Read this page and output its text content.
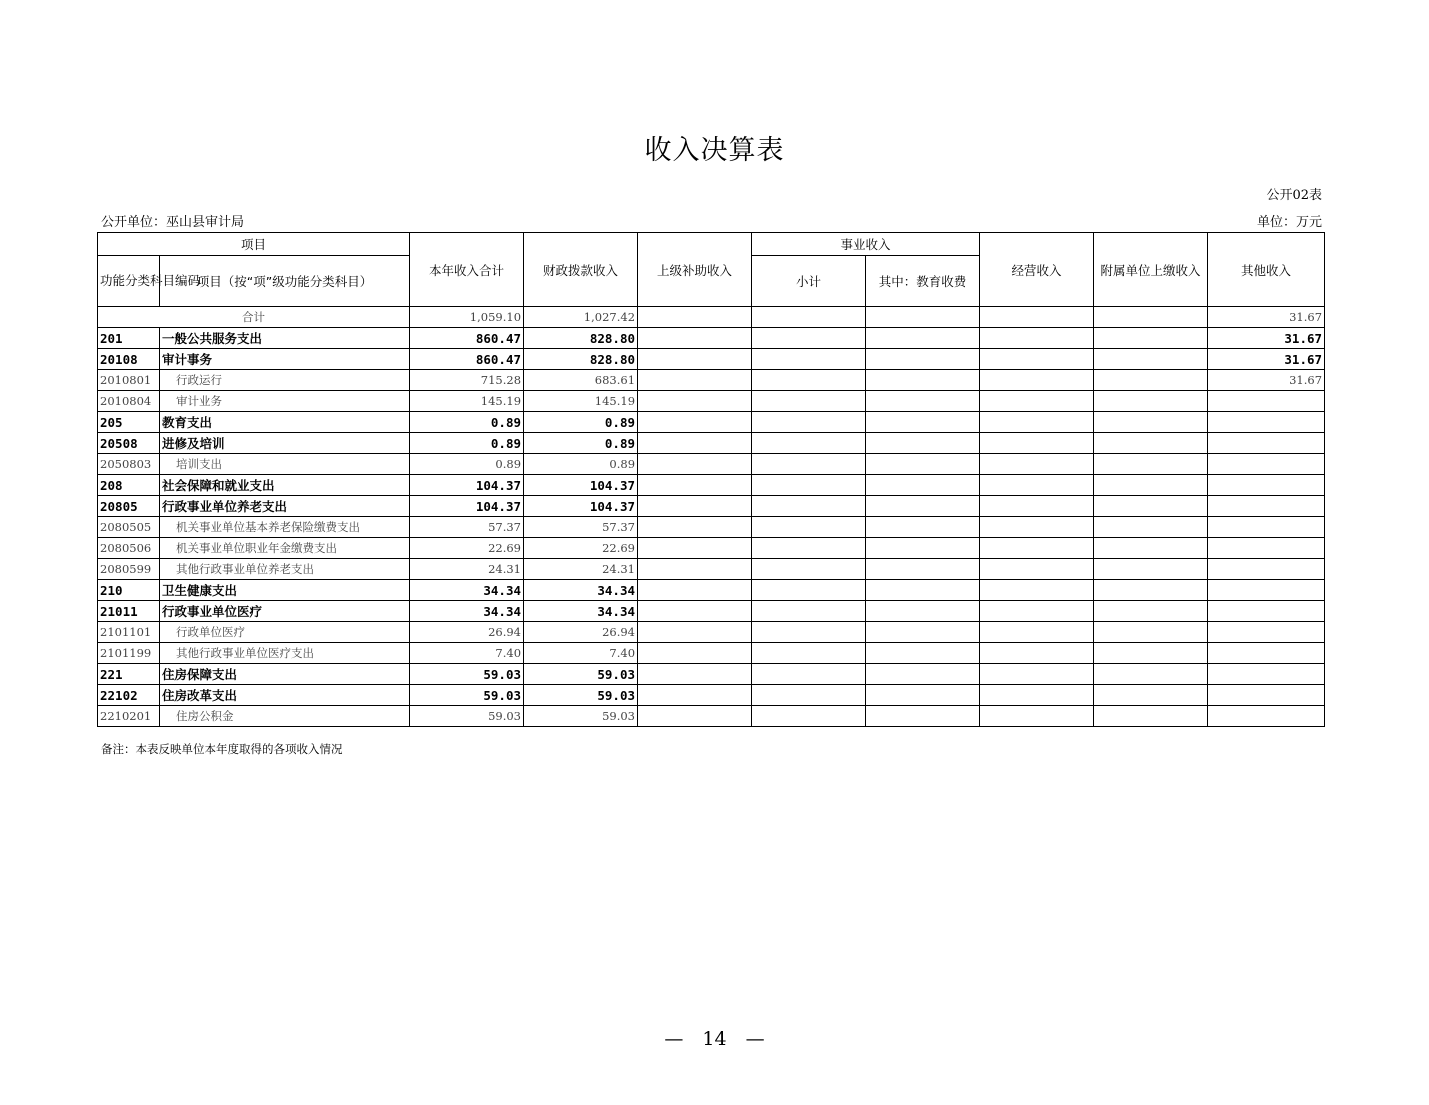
收入决算表
公开02表
公开单位：巫山县审计局	单位：万元
项目		本年收入合计	财政拨款收入	上级补助收入	事业收入		经营收入	附属单位上缴收入	其他收入
功能分类科目编码	项目（按“项”级功能分类科目）				小计	其中：教育收费			
合计		1,059.10	1,027.42						31.67
201	一般公共服务支出	860.47	828.80						31.67
20108	审计事务	860.47	828.80						31.67
2010801	行政运行	715.28	683.61						31.67
2010804	审计业务	145.19	145.19						
205	教育支出	0.89	0.89						
20508	进修及培训	0.89	0.89						
2050803	培训支出	0.89	0.89						
208	社会保障和就业支出	104.37	104.37						
20805	行政事业单位养老支出	104.37	104.37						
2080505	机关事业单位基本养老保险缴费支出	57.37	57.37						
2080506	机关事业单位职业年金缴费支出	22.69	22.69						
2080599	其他行政事业单位养老支出	24.31	24.31						
210	卫生健康支出	34.34	34.34						
21011	行政事业单位医疗	34.34	34.34						
2101101	行政单位医疗	26.94	26.94						
2101199	其他行政事业单位医疗支出	7.40	7.40						
221	住房保障支出	59.03	59.03						
22102	住房改革支出	59.03	59.03						
2210201	住房公积金	59.03	59.03						
备注：本表反映单位本年度取得的各项收入情况
—　14　—
